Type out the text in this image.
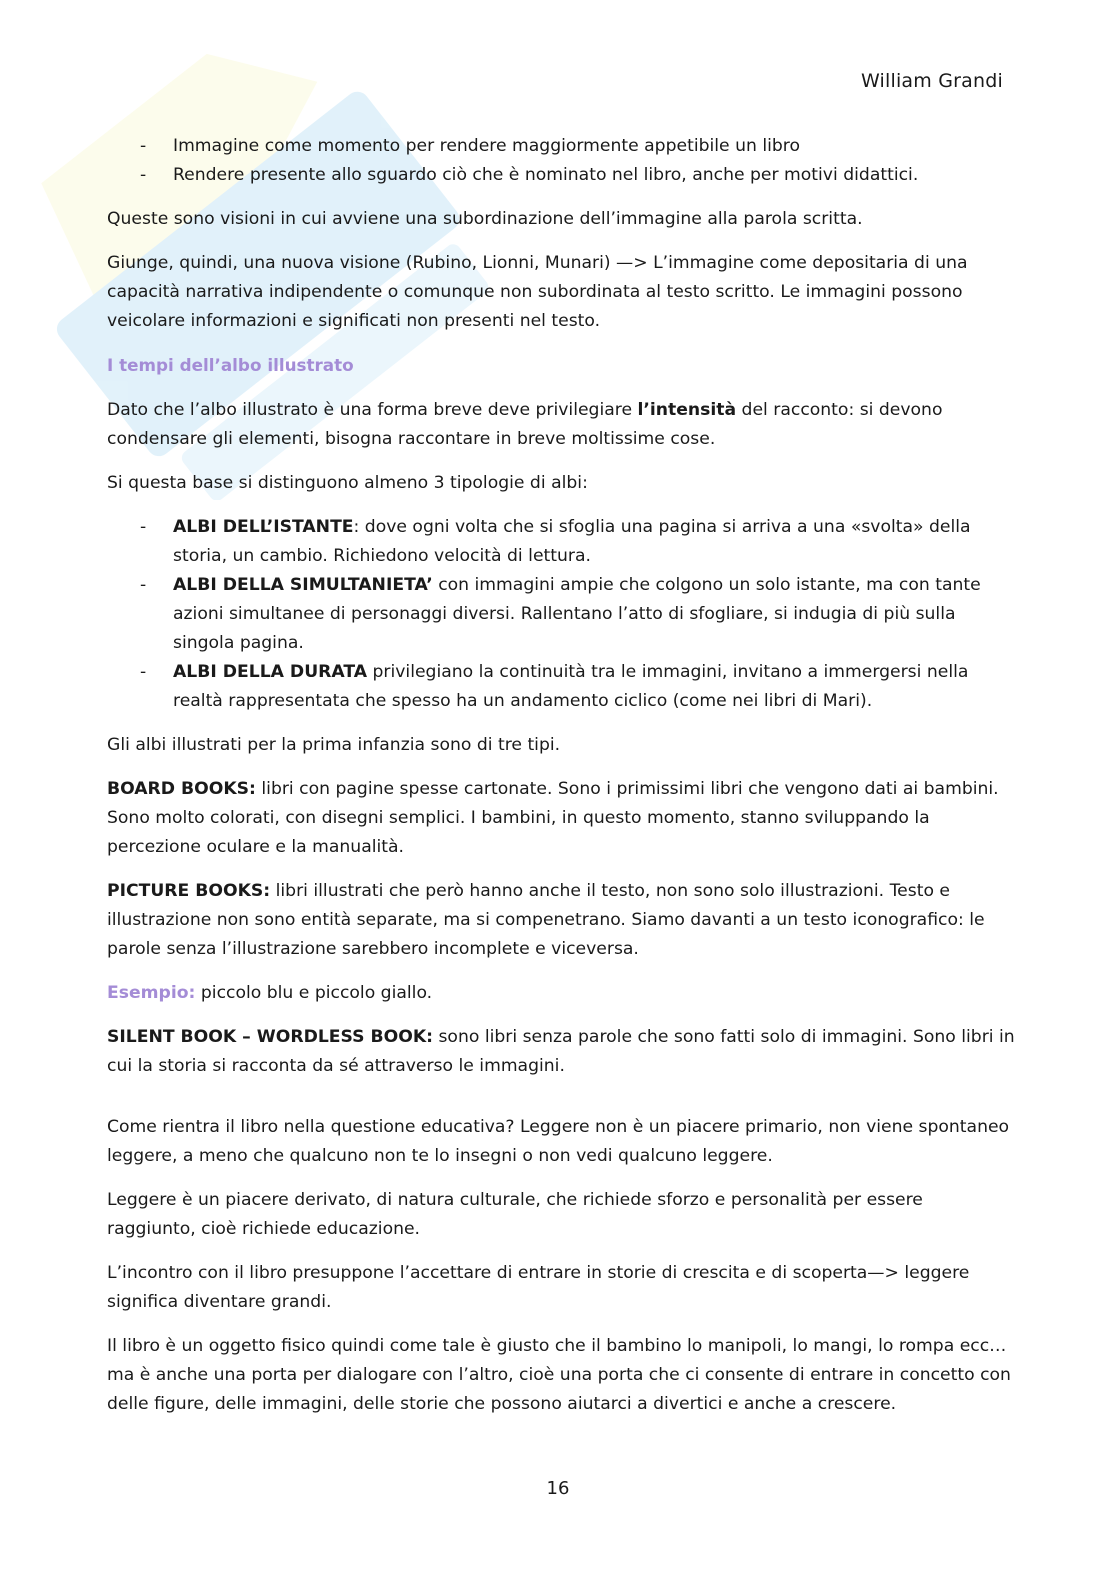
William Grandi
- Immagine come momento per rendere maggiormente appetibile un libro
- Rendere presente allo sguardo ciò che è nominato nel libro, anche per motivi didattici.

Queste sono visioni in cui avviene una subordinazione dell’immagine alla parola scritta.

Giunge, quindi, una nuova visione (Rubino, Lionni, Munari) —> L’immagine come depositaria di una capacità narrativa indipendente o comunque non subordinata al testo scritto. Le immagini possono veicolare informazioni e significati non presenti nel testo.

I tempi dell’albo illustrato

Dato che l’albo illustrato è una forma breve deve privilegiare l’intensità del racconto: si devono condensare gli elementi, bisogna raccontare in breve moltissime cose.

Si questa base si distinguono almeno 3 tipologie di albi:

- ALBI DELL’ISTANTE: dove ogni volta che si sfoglia una pagina si arriva a una «svolta» della storia, un cambio. Richiedono velocità di lettura.
- ALBI DELLA SIMULTANIETA’ con immagini ampie che colgono un solo istante, ma con tante azioni simultanee di personaggi diversi. Rallentano l’atto di sfogliare, si indugia di più sulla singola pagina.
- ALBI DELLA DURATA privilegiano la continuità tra le immagini, invitano a immergersi nella realtà rappresentata che spesso ha un andamento ciclico (come nei libri di Mari).

Gli albi illustrati per la prima infanzia sono di tre tipi.

BOARD BOOKS: libri con pagine spesse cartonate. Sono i primissimi libri che vengono dati ai bambini. Sono molto colorati, con disegni semplici. I bambini, in questo momento, stanno sviluppando la percezione oculare e la manualità.

PICTURE BOOKS: libri illustrati che però hanno anche il testo, non sono solo illustrazioni. Testo e illustrazione non sono entità separate, ma si compenetrano. Siamo davanti a un testo iconografico: le parole senza l’illustrazione sarebbero incomplete e viceversa.

Esempio: piccolo blu e piccolo giallo.

SILENT BOOK – WORDLESS BOOK: sono libri senza parole che sono fatti solo di immagini. Sono libri in cui la storia si racconta da sé attraverso le immagini.

Come rientra il libro nella questione educativa? Leggere non è un piacere primario, non viene spontaneo leggere, a meno che qualcuno non te lo insegni o non vedi qualcuno leggere.

Leggere è un piacere derivato, di natura culturale, che richiede sforzo e personalità per essere raggiunto, cioè richiede educazione.

L’incontro con il libro presuppone l’accettare di entrare in storie di crescita e di scoperta—> leggere significa diventare grandi.

Il libro è un oggetto fisico quindi come tale è giusto che il bambino lo manipoli, lo mangi, lo rompa ecc… ma è anche una porta per dialogare con l’altro, cioè una porta che ci consente di entrare in concetto con delle figure, delle immagini, delle storie che possono aiutarci a divertici e anche a crescere.

16
